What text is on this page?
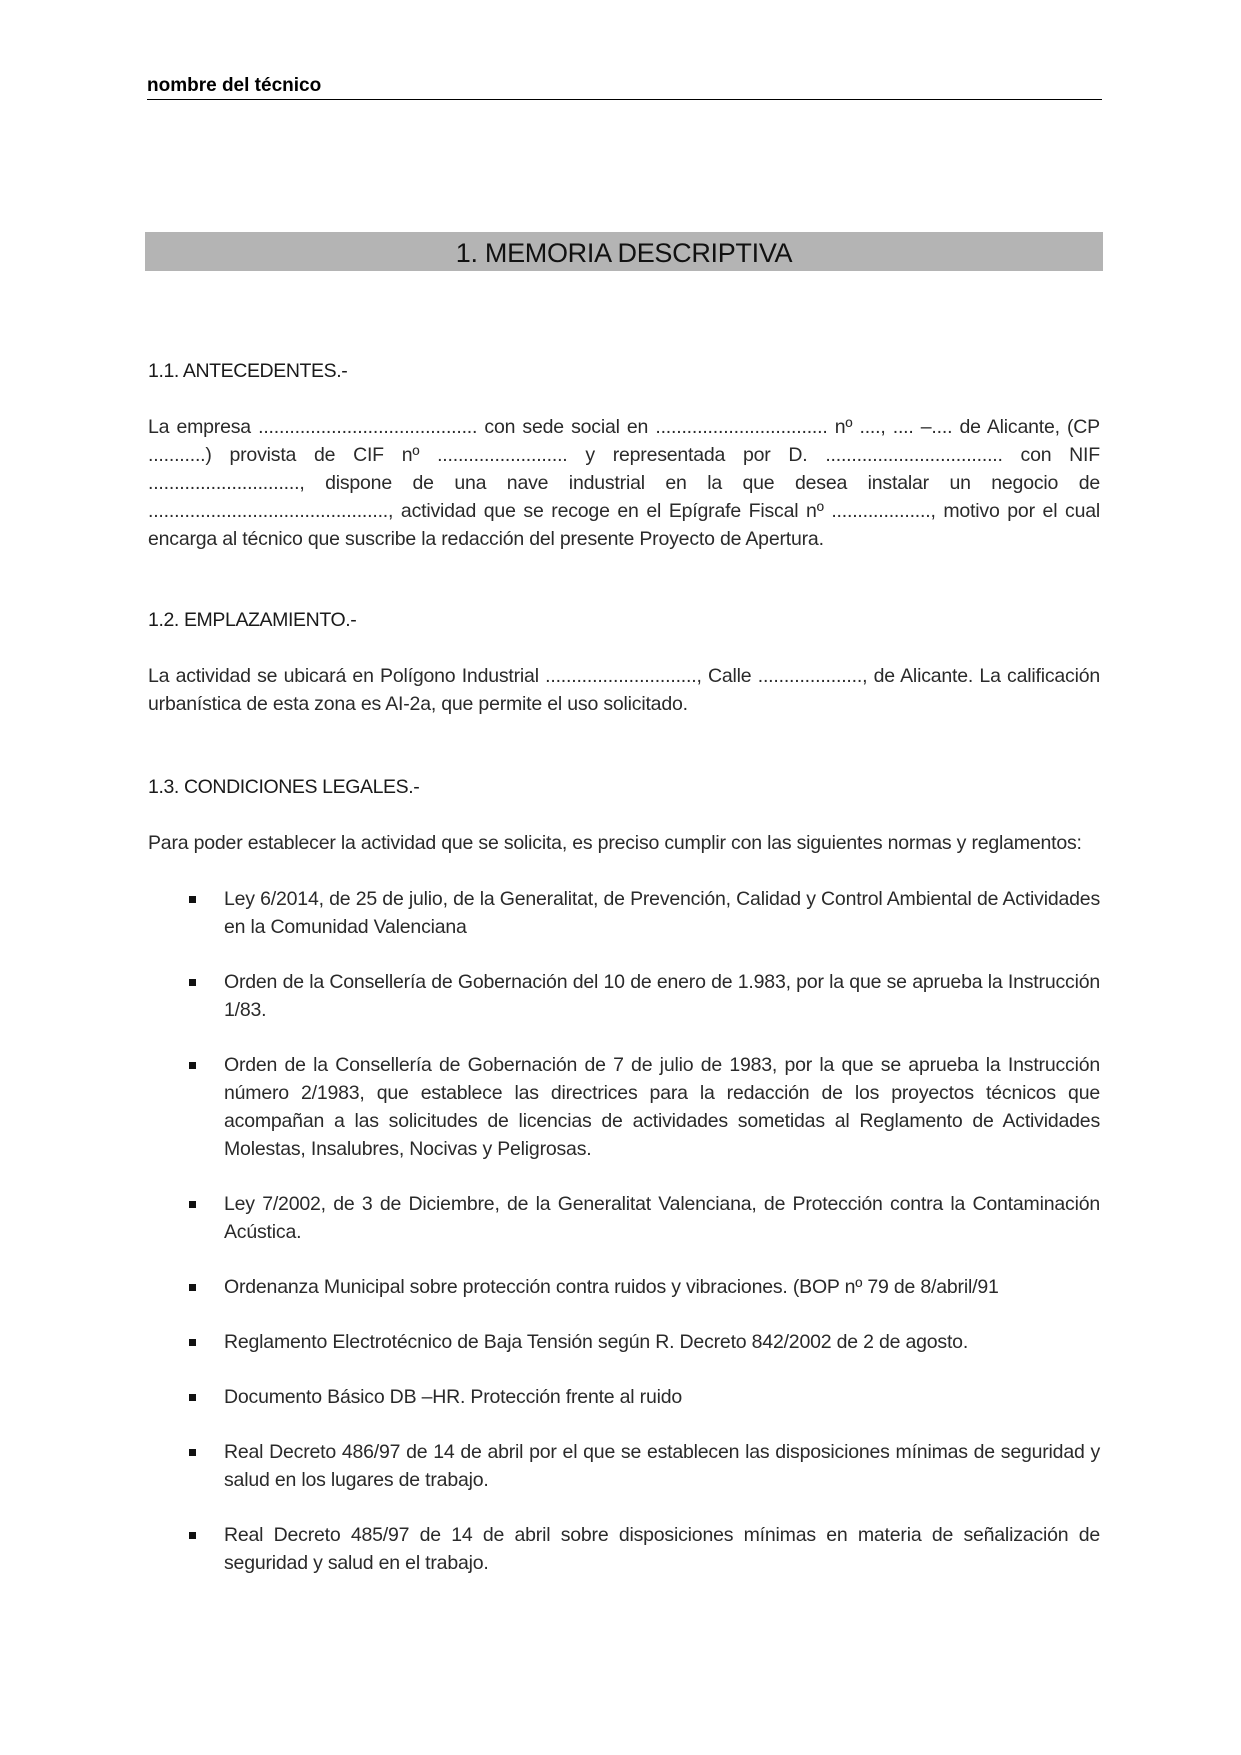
nombre del técnico
1. MEMORIA DESCRIPTIVA
1.1. ANTECEDENTES.-
La empresa .......................................... con sede social en ................................. nº ...., .... –.... de Alicante, (CP ...........) provista de CIF nº ......................... y representada por D. .................................. con NIF ............................., dispone de una nave industrial en la que desea instalar un negocio de .............................................., actividad que se recoge en el Epígrafe Fiscal nº ..................., motivo por el cual encarga al técnico que suscribe la redacción del presente Proyecto de Apertura.
1.2. EMPLAZAMIENTO.-
La actividad se ubicará en Polígono Industrial ............................., Calle ...................., de Alicante. La calificación urbanística de esta zona es AI-2a, que permite el uso solicitado.
1.3. CONDICIONES LEGALES.-
Para poder establecer la actividad que se solicita, es preciso cumplir con las siguientes normas y reglamentos:
Ley 6/2014, de 25 de julio, de la Generalitat, de Prevención, Calidad y Control Ambiental de Actividades en la Comunidad Valenciana
Orden de la Consellería de Gobernación del 10 de enero de 1.983, por la que se aprueba la Instrucción 1/83.
Orden de la Consellería de Gobernación de 7 de julio de 1983, por la que se aprueba la Instrucción número 2/1983, que establece las directrices para la redacción de los proyectos técnicos que acompañan a las solicitudes de licencias de actividades sometidas al Reglamento de Actividades Molestas, Insalubres, Nocivas y Peligrosas.
Ley 7/2002, de 3 de Diciembre, de la Generalitat Valenciana, de Protección contra la Contaminación Acústica.
Ordenanza Municipal sobre protección contra ruidos y vibraciones. (BOP nº 79 de 8/abril/91
Reglamento Electrotécnico de Baja Tensión según R. Decreto 842/2002 de 2 de agosto.
Documento Básico DB –HR. Protección frente al ruido
Real Decreto 486/97 de 14 de abril por el que se establecen las disposiciones mínimas de seguridad y salud en los lugares de trabajo.
Real Decreto 485/97 de 14 de abril sobre disposiciones mínimas en materia de señalización de seguridad y salud en el trabajo.
